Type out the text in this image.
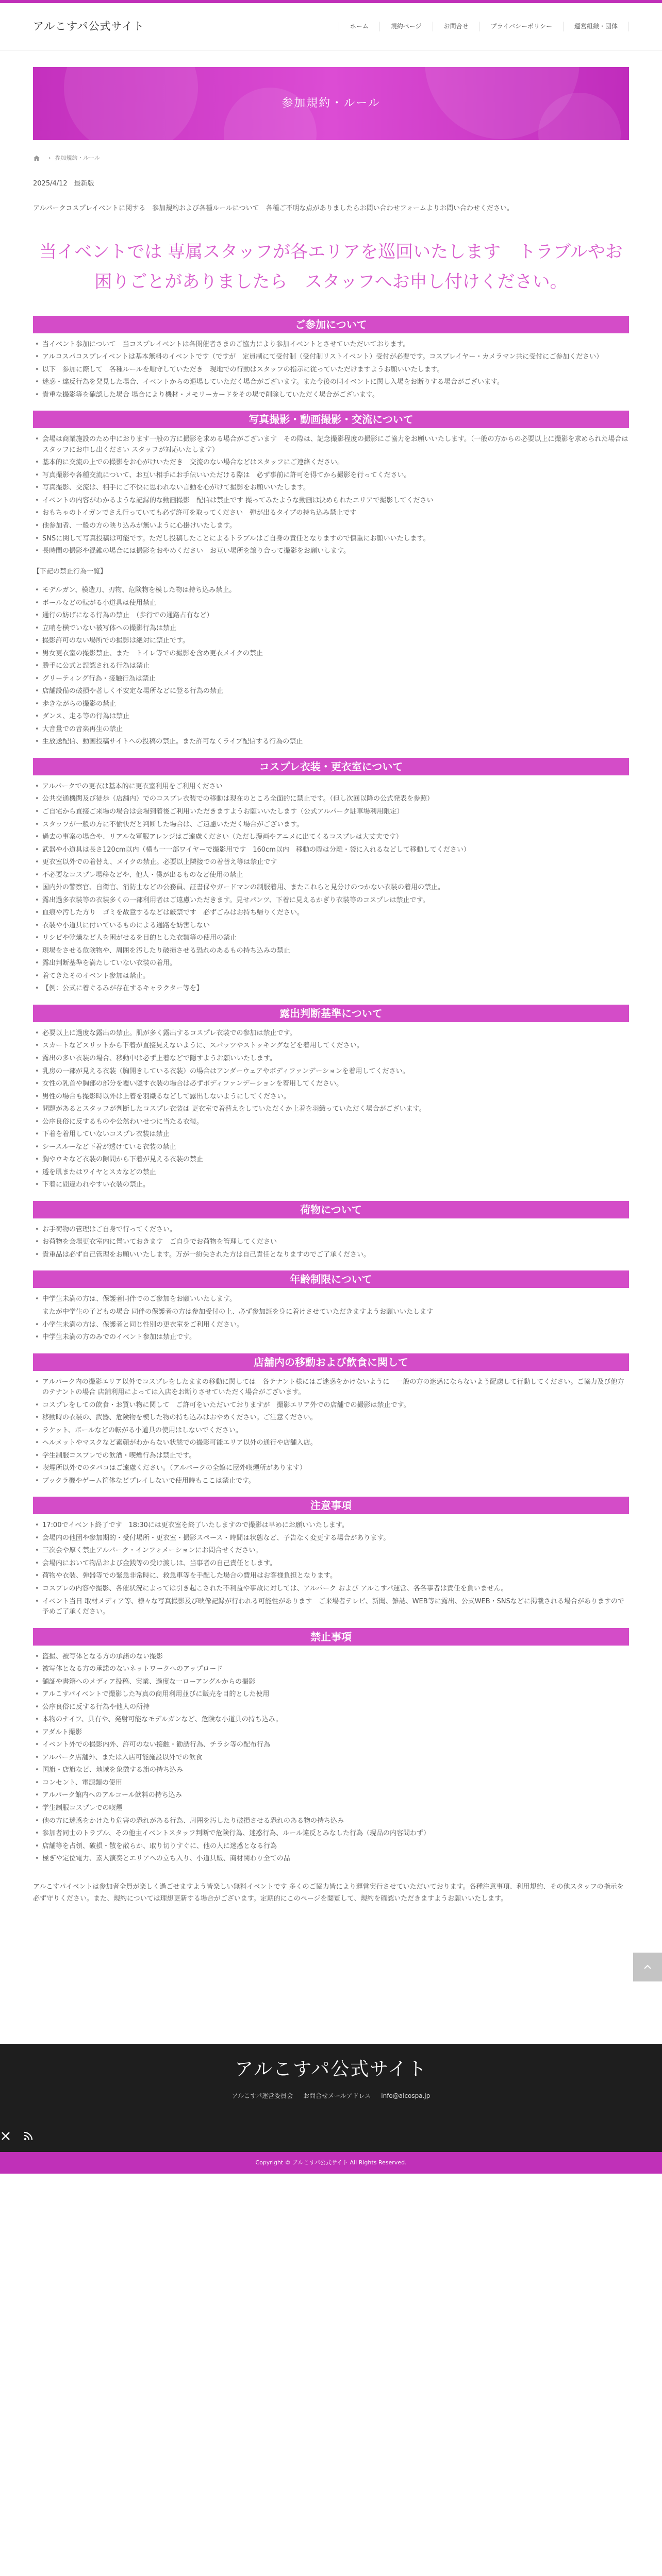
アルこすパ公式サイト	ホーム	規約ページ	お問合せ	プライバシーポリシー	運営組織・団体
参加規約・ルール
› 参加規約・ルール
2025/4/12　最新版

アルパークコスプレイベントに関する　参加規約および各種ルールについて　各種ご不明な点がありましたらお問い合わせフォームよりお問い合わせください。

当イベントでは 専属スタッフが各エリアを巡回いたします　トラブルやお困りごとがありましたら　スタッフへお申し付けください。

ご参加について
• 当イベント参加について　当コスプレイベントは各開催者さまのご協力により参加イベントとさせていただいております。
• アルコスパコスプレイベントは基本無料のイベントです（ですが　定員制にて受付制（受付制リストイベント）受付が必要です。コスプレイヤー・カメラマン共に受付にご参加ください）
• 以下　参加に際して　各種ルールを順守していただき　現地での行動はスタッフの指示に従っていただけますようお願いいたします。
• 迷惑・違反行為を発見した場合、イベントからの退場していただく場合がございます。また今後の同イベントに関し入場をお断りする場合がございます。
• 貴重な撮影等を確認した場合 場合により機材・メモリーカードをその場で削除していただく場合がございます。
写真撮影・動画撮影・交流について
• 会場は商業施設のため中におります一般の方に撮影を求める場合がございます　その際は、記念撮影程度の撮影にご協力をお願いいたします。（一般の方からの必要以上に撮影を求められた場合は　スタッフにお申し出ください スタッフが対応いたします）
• 基本的に交流の上での撮影をお心がけいただき　交流のない場合などはスタッフにご連絡ください。
• 写真撮影や各種交流について、お互い相手にお手伝いいただける際は　必ず事前に許可を得てから撮影を行ってください。
• 写真撮影、交流は、相手にご不快に思われない言動を心がけて撮影をお願いいたします。
• イベントの内容がわかるような記録的な動画撮影　配信は禁止です 撮ってみたような動画は決められたエリアで撮影してください
• おもちゃのトイガンでさえ行っていても必ず許可を取ってください　弾が出るタイプの持ち込み禁止です
• 他参加者、一般の方の映り込みが無いように心掛けいたします。
• SNSに関して写真投稿は可能です。ただし投稿したことによるトラブルはご自身の責任となりますので慎重にお願いいたします。
• 長時間の撮影や混雑の場合には撮影をおやめください　お互い場所を譲り合って撮影をお願いします。

【下記の禁止行為一覧】

• モデルガン、模造刀、刃物、危険物を模した物は持ち込み禁止。
• ボールなどの転がる小道具は使用禁止
• 通行の妨げになる行為の禁止　（歩行での通路占有など）
• 立哨を横でいない被写体への撮影行為は禁止
• 撮影許可のない場所での撮影は絶対に禁止です。
• 男女更衣室の撮影禁止、また　トイレ等での撮影を含め更衣メイクの禁止
• 勝手に公式と誤認される行為は禁止
• グリーティング行為・接触行為は禁止
• 店舗設備の破損や著しく不安定な場所などに登る行為の禁止
• 歩きながらの撮影の禁止
• ダンス、走る等の行為は禁止
• 大音量での音楽再生の禁止
• 生放送配信、動画投稿サイトへの投稿の禁止。また許可なくライブ配信する行為の禁止
コスプレ衣装・更衣室について
• アルパークでの更衣は基本的に更衣室利用をご利用ください
• 公共交通機関及び徒歩（店舗内）でのコスプレ衣装での移動は現在のところ全面的に禁止です。（但し次回以降の公式発表を参照）
• ご自宅から直接ご来場の場合は会場到着後ご利用いただきますようお願いいたします（公式アルパーク駐車場利用限定）
• スタッフが一般の方に不愉快だと判断した場合は、ご遠慮いただく場合がございます。
• 過去の事案の場合や、リアルな軍服アレンジはご遠慮ください（ただし漫画やアニメに出てくるコスプレは大丈夫です）
• 武器や小道具は長さ120cm以内（横も一一部ワイヤーで撮影用です　160cm以内　移動の際は分離・袋に入れるなどして移動してください）
• 更衣室以外での着替え、メイクの禁止。必要以上隣接での着替え等は禁止です
• 不必要なコスプレ場移などや、他人・僕が出るものなど使用の禁止
• 国内外の警察官、自衛官、消防士などの公務員、証書保やガードマンの制服着用、またこれらと見分けのつかない衣装の着用の禁止。
• 露出過多衣装等の衣装多くの一部利用者はご遠慮いただきます。見せパンツ、下着に見えるかぎり衣装等のコスプレは禁止です。
• 血痕や汚した方り　ゴミを故意するなどは厳禁です　必ずごみはお持ち帰りください。
• 衣装や小道具に付いているものによる通路を妨害しない
• リシピや乾燥など人を困がせるを目的とした衣類等の使用の禁止
• 現場をさせる危険物や、周囲を汚したり破損させる恐れのあるもの持ち込みの禁止
• 露出判断基準を満たしていない衣装の着用。
• 着てきたそのイベント参加は禁止。
• 【例：公式に着ぐるみが存在するキャラクター等を】
露出判断基準について
• 必要以上に過度な露出の禁止。肌が多く露出するコスプレ衣装での参加は禁止です。
• スカートなどスリットから下着が直接見えないように、スパッツやストッキングなどを着用してください。
• 露出の多い衣装の場合、移動中は必ず上着などで隠すようお願いいたします。
• 乳房の一部が見える衣装（胸開きしている衣装）の場合はアンダーウェアやボディファンデーションを着用してください。
• 女性の乳首や胸部の部分を覆い隠す衣装の場合は必ずボディファンデーションを着用してください。
• 男性の場合も撮影時以外は上着を羽織るなどして露出しないようにしてください。
• 問題があるとスタッフが判断したコスプレ衣装は 更衣室で着替えをしていただくか上着を羽織っていただく場合がございます。
• 公序良俗に反するものや公然わいせつに当たる衣装。
• 下着を着用していないコスプレ衣装は禁止
• シースルーなど下着が透けている衣装の禁止
• 胸やウキなど衣装の隙間から下着が見える衣装の禁止
• 透を肌またはワイヤとスカなどの禁止
• 下着に間違われやすい衣装の禁止。
荷物について
• お手荷物の管理はご自身で行ってください。
• お荷物を会場更衣室内に置いておきます　ご自身でお荷物を管理してください
• 貴重品は必ず自己管理をお願いいたします。万が一紛失された方は自己責任となりますのでご了承ください。
年齢制限について
• 中学生未満の方は、保護者同伴でのご参加をお願いいたします。
またが中学生の子どもの場合 同伴の保護者の方は参加受付の上、必ず参加証を身に着けさせていただきますようお願いいたします
• 小学生未満の方は、保護者と同じ性別の更衣室をご利用ください。
• 中学生未満の方のみでのイベント参加は禁止です。
店舗内の移動および飲食に関して
• アルパーク内の撮影エリア以外でコスプレをしたままの移動に関しては　各テナント様にはご迷惑をかけないように　一般の方の迷惑にならないよう配慮して行動してください。ご協力及び他方のテナントの場合 店舗利用によっては入店をお断りさせていただく場合がございます。
• コスプレをしての飲食・お買い物に関して　ご許可をいただいておりますが　撮影エリア外での店舗での撮影は禁止です。
• 移動時の衣装の、武器、危険物を模した物の持ち込みはおやめください。ご注意ください。
• ラケット、ボールなどの転がる小道具の使用はしないでください。
• ヘルメットやマスクなど素顔がわからない状態での撮影可能エリア以外の通行や店舗入店。
• 学生制服コスプレでの飲酒・喫煙行為は禁止です。
• 喫煙所以外でのタバコはご遠慮ください。（アルパークの全館に屋外喫煙所があります）
• ブックラ機やゲーム筐体などプレイしないで使用時もここは禁止です。
注意事項
• 17:00でイベント終了です　18:30には更衣室を終了いたしますので撮影は早めにお願いいたします。
• 会場内の他団や参加期的・受付場所・更衣室・撮影スペース・時間は状態など、予告なく変更する場合があります。
• 三次会や厚く禁止アルパーク・インフォメーションにお問合せください。
• 会場内において物品および金銭等の受け渡しは、当事者の自己責任とします。
• 荷物や衣装、弾器等での緊急非常時に、救急車等を手配した場合の費用はお客様負担となります。
• コスプレの内容や撮影、各催状況によっては引き起こされた不利益や事故に対しては、アルパーク および アルこすパ運営、各各事者は責任を負いません。
• イベント当日 取材メディア等、様々な写真撮影及び映像記録が行われる可能性があります　ご来場者テレビ、新聞、雑誌、WEB等に露出、公式WEB・SNSなどに掲載される場合がありますので予めご了承ください。
禁止事項
• 盗撮、被写体となる方の承諾のない撮影
• 被写体となる方の承諾のないネットワークへのアップロード
• 舗証や書籍へのメディア投稿、実業、過度な一ローアングルからの撮影
• アルこすパイベントで撮影した写真の商用利用並びに販売を目的とした使用
• 公序良俗に反する行為や他人の所持
• 本物のナイフ、具有や、発射可能なモデルガンなど、危険な小道具の持ち込み。
• アダルト撮影
• イベント外での撮影内外、許可のない接触・勧誘行為、チラシ等の配布行為
• アルパーク店舗外、または入店可能施設以外での飲食
• 国旗・店旗など、地域を象徴する旗の持ち込み
• コンセント、電源類の使用
• アルパーク館内へのアルコール飲料の持ち込み
• 学生制服コスプレでの喫煙
• 他の方に迷惑をかけたり危害の恐れがある行為、周囲を汚したり破損させる恐れのある物の持ち込み
• 参加者同士のトラブル、その他主イベントスタッフ判断で危険行為、迷惑行為、ルール違反とみなした行為（現品の内容問わず）
• 店舗等を占領、破損・散を散らか、取り切りすぐに、他の人に迷惑となる行為
• 極ぎや定位電力、素人演奏とエリアへの立ち入り、小道具販、商材関わり全ての品

アルこすパイベントは参加者全員が楽しく過ごせますよう皆楽しい無料イベントです 多くのご協力皆により運営実行させていただいております。各種注意事項、利用規約、その他スタッフの指示を必ず守りください。また、規約については理想更新する場合がございます。定期的にこのページを閲覧して、規約を確認いただきますようお願いいたします。

アルこすパ公式サイト
アルこすパ運営委員会 お問合せメールアドレス info@alcospa.jp
Copyright © アルこすパ公式サイト All Rights Reserved.
